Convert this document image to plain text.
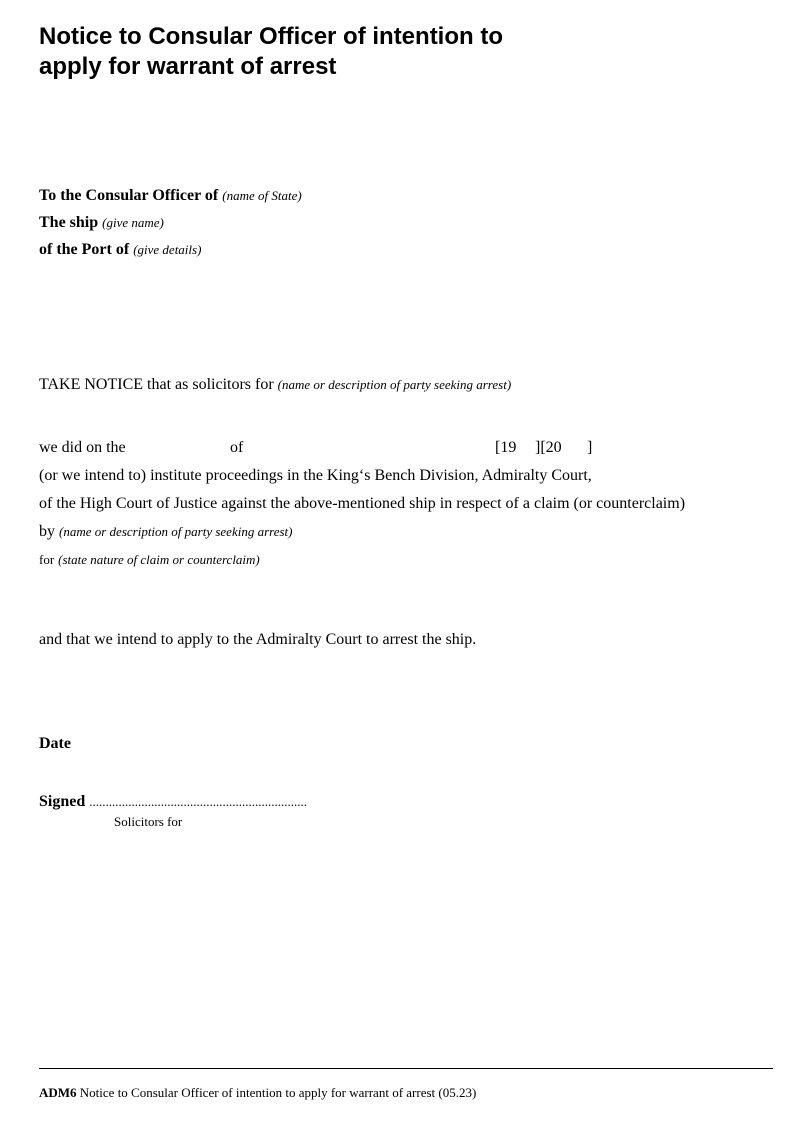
Notice to Consular Officer of intention to
apply for warrant of arrest
To the Consular Officer of (name of State)
The ship (give name)
of the Port of (give details)
TAKE NOTICE that as solicitors for (name or description of party seeking arrest)
we did on the	of	[19 ][20 ]
(or we intend to) institute proceedings in the King‘s Bench Division, Admiralty Court,
of the High Court of Justice against the above-mentioned ship in respect of a claim (or counterclaim)
by (name or description of party seeking arrest)
for (state nature of claim or counterclaim)
and that we intend to apply to the Admiralty Court to arrest the ship.
Date
Signed ...................................................................
Solicitors for
ADM6 Notice to Consular Officer of intention to apply for warrant of arrest (05.23)
